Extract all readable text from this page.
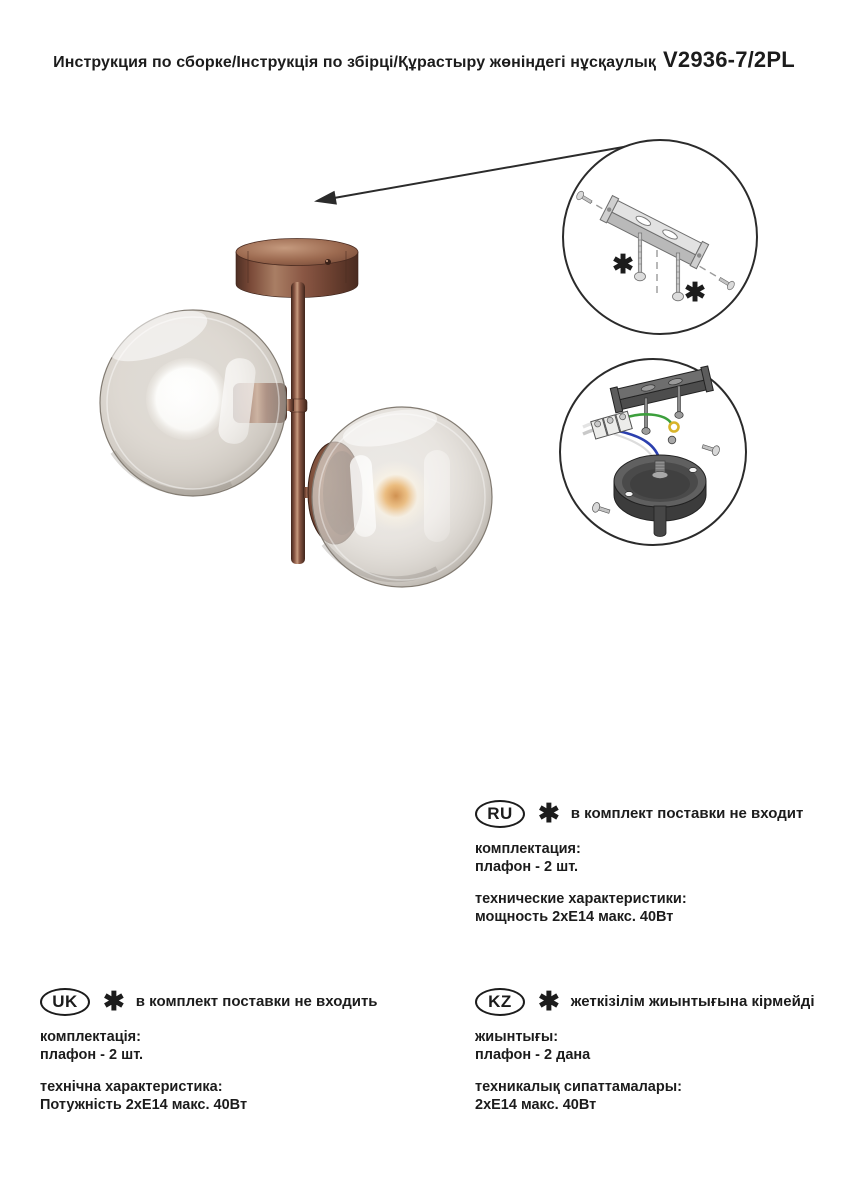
Инструкция по сборке/Інструкція по збірці/Құрастыру жөніндегі нұсқаулық V2936-7/2PL
✱
✱
RU ✱ в комплект поставки не входит
комплектация:
плафон - 2 шт.
технические характеристики:
мощность 2хЕ14 макс. 40Вт
UK ✱ в комплект поставки не входить
комплектація:
плафон - 2 шт.
технічна характеристика:
Потужність 2хЕ14 макс. 40Вт
KZ	✱ жеткізілім жиынтығына кірмейді
жиынтығы:
плафон - 2 дана
техникалық сипаттамалары:
2хЕ14 макс. 40Вт
